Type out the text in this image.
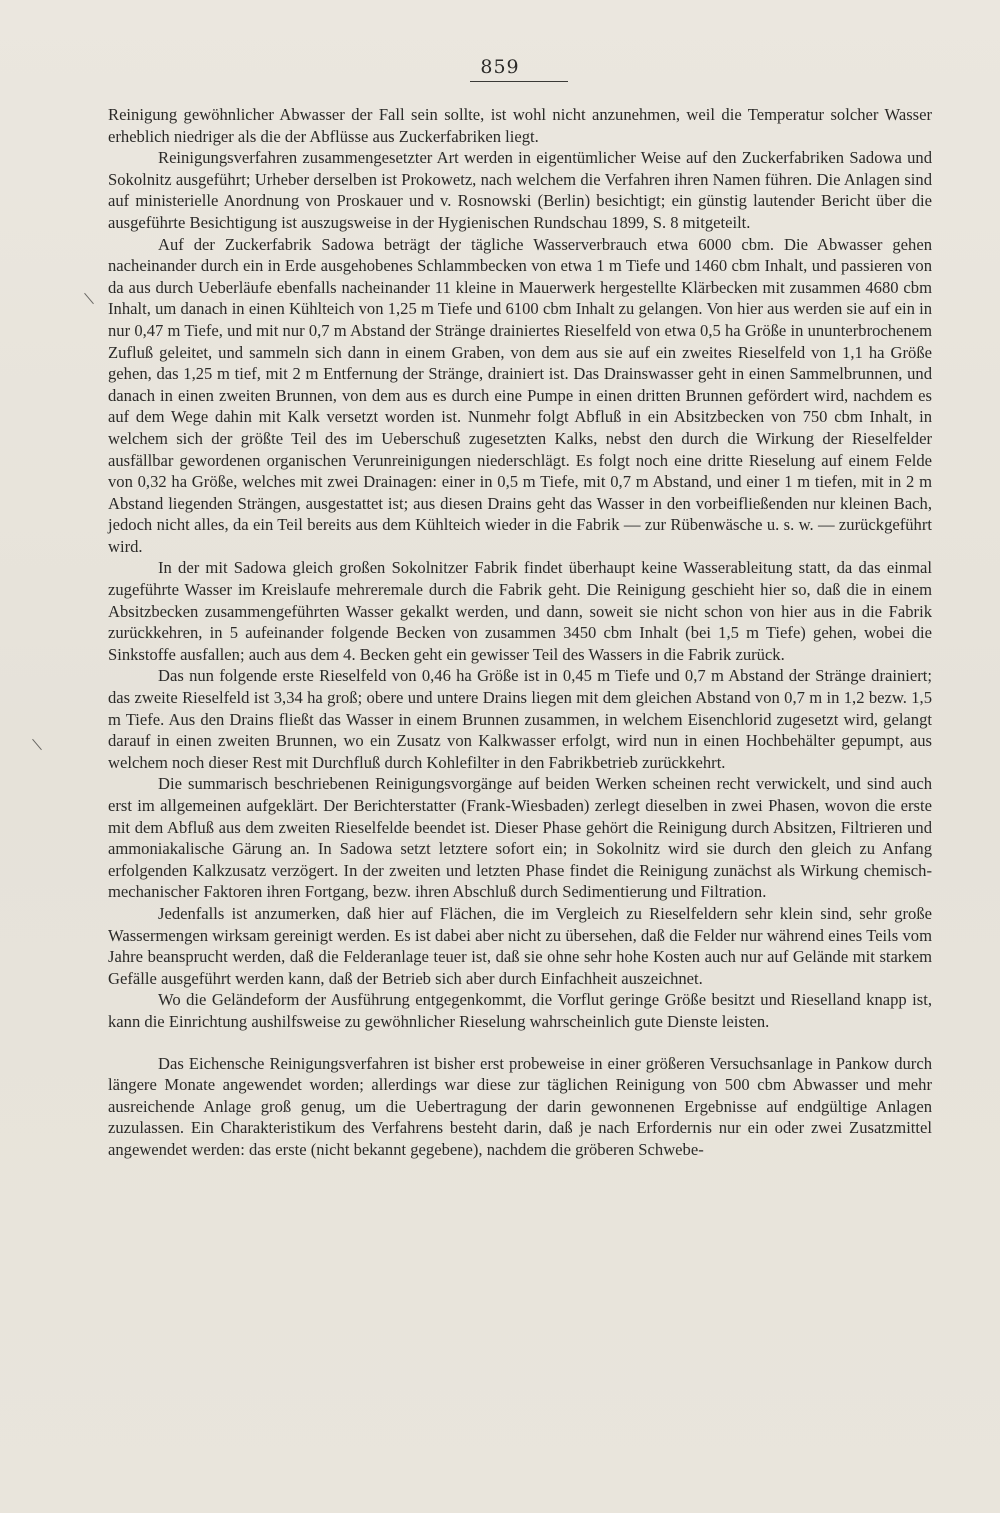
859

Reinigung gewöhnlicher Abwasser der Fall sein sollte, ist wohl nicht anzunehmen, weil die Temperatur solcher Wasser erheblich niedriger als die der Abflüsse aus Zuckerfabriken liegt.

Reinigungsverfahren zusammengesetzter Art werden in eigentümlicher Weise auf den Zuckerfabriken Sadowa und Sokolnitz ausgeführt; Urheber derselben ist Prokowetz, nach welchem die Verfahren ihren Namen führen. Die Anlagen sind auf ministerielle Anordnung von Proskauer und v. Rosnowski (Berlin) besichtigt; ein günstig lautender Bericht über die ausgeführte Besichtigung ist auszugsweise in der Hygienischen Rundschau 1899, S. 8 mitgeteilt.

Auf der Zuckerfabrik Sadowa beträgt der tägliche Wasserverbrauch etwa 6000 cbm. Die Abwasser gehen nacheinander durch ein in Erde ausgehobenes Schlammbecken von etwa 1 m Tiefe und 1460 cbm Inhalt, und passieren von da aus durch Ueberläufe ebenfalls nacheinander 11 kleine in Mauerwerk hergestellte Klärbecken mit zusammen 4680 cbm Inhalt, um danach in einen Kühlteich von 1,25 m Tiefe und 6100 cbm Inhalt zu gelangen. Von hier aus werden sie auf ein in nur 0,47 m Tiefe, und mit nur 0,7 m Abstand der Stränge drainiertes Rieselfeld von etwa 0,5 ha Größe in ununterbrochenem Zufluß geleitet, und sammeln sich dann in einem Graben, von dem aus sie auf ein zweites Rieselfeld von 1,1 ha Größe gehen, das 1,25 m tief, mit 2 m Entfernung der Stränge, drainiert ist. Das Drainswasser geht in einen Sammelbrunnen, und danach in einen zweiten Brunnen, von dem aus es durch eine Pumpe in einen dritten Brunnen gefördert wird, nachdem es auf dem Wege dahin mit Kalk versetzt worden ist. Nunmehr folgt Abfluß in ein Absitzbecken von 750 cbm Inhalt, in welchem sich der größte Teil des im Ueberschuß zugesetzten Kalks, nebst den durch die Wirkung der Rieselfelder ausfällbar gewordenen organischen Verunreinigungen niederschlägt. Es folgt noch eine dritte Rieselung auf einem Felde von 0,32 ha Größe, welches mit zwei Drainagen: einer in 0,5 m Tiefe, mit 0,7 m Abstand, und einer 1 m tiefen, mit in 2 m Abstand liegenden Strängen, ausgestattet ist; aus diesen Drains geht das Wasser in den vorbeifließenden nur kleinen Bach, jedoch nicht alles, da ein Teil bereits aus dem Kühlteich wieder in die Fabrik — zur Rübenwäsche u. s. w. — zurückgeführt wird.

In der mit Sadowa gleich großen Sokolnitzer Fabrik findet überhaupt keine Wasserableitung statt, da das einmal zugeführte Wasser im Kreislaufe mehreremale durch die Fabrik geht. Die Reinigung geschieht hier so, daß die in einem Absitzbecken zusammengeführten Wasser gekalkt werden, und dann, soweit sie nicht schon von hier aus in die Fabrik zurückkehren, in 5 aufeinander folgende Becken von zusammen 3450 cbm Inhalt (bei 1,5 m Tiefe) gehen, wobei die Sinkstoffe ausfallen; auch aus dem 4. Becken geht ein gewisser Teil des Wassers in die Fabrik zurück.

Das nun folgende erste Rieselfeld von 0,46 ha Größe ist in 0,45 m Tiefe und 0,7 m Abstand der Stränge drainiert; das zweite Rieselfeld ist 3,34 ha groß; obere und untere Drains liegen mit dem gleichen Abstand von 0,7 m in 1,2 bezw. 1,5 m Tiefe. Aus den Drains fließt das Wasser in einem Brunnen zusammen, in welchem Eisenchlorid zugesetzt wird, gelangt darauf in einen zweiten Brunnen, wo ein Zusatz von Kalkwasser erfolgt, wird nun in einen Hochbehälter gepumpt, aus welchem noch dieser Rest mit Durchfluß durch Kohlefilter in den Fabrikbetrieb zurückkehrt.

Die summarisch beschriebenen Reinigungsvorgänge auf beiden Werken scheinen recht verwickelt, und sind auch erst im allgemeinen aufgeklärt. Der Berichterstatter (Frank-Wiesbaden) zerlegt dieselben in zwei Phasen, wovon die erste mit dem Abfluß aus dem zweiten Rieselfelde beendet ist. Dieser Phase gehört die Reinigung durch Absitzen, Filtrieren und ammoniakalische Gärung an. In Sadowa setzt letztere sofort ein; in Sokolnitz wird sie durch den gleich zu Anfang erfolgenden Kalkzusatz verzögert. In der zweiten und letzten Phase findet die Reinigung zunächst als Wirkung chemisch-mechanischer Faktoren ihren Fortgang, bezw. ihren Abschluß durch Sedimentierung und Filtration.

Jedenfalls ist anzumerken, daß hier auf Flächen, die im Vergleich zu Rieselfeldern sehr klein sind, sehr große Wassermengen wirksam gereinigt werden. Es ist dabei aber nicht zu übersehen, daß die Felder nur während eines Teils vom Jahre beansprucht werden, daß die Felderanlage teuer ist, daß sie ohne sehr hohe Kosten auch nur auf Gelände mit starkem Gefälle ausgeführt werden kann, daß der Betrieb sich aber durch Einfachheit auszeichnet.

Wo die Geländeform der Ausführung entgegenkommt, die Vorflut geringe Größe besitzt und Rieselland knapp ist, kann die Einrichtung aushilfsweise zu gewöhnlicher Rieselung wahrscheinlich gute Dienste leisten.

Das Eichensche Reinigungsverfahren ist bisher erst probeweise in einer größeren Versuchsanlage in Pankow durch längere Monate angewendet worden; allerdings war diese zur täglichen Reinigung von 500 cbm Abwasser und mehr ausreichende Anlage groß genug, um die Uebertragung der darin gewonnenen Ergebnisse auf endgültige Anlagen zuzulassen. Ein Charakteristikum des Verfahrens besteht darin, daß je nach Erfordernis nur ein oder zwei Zusatzmittel angewendet werden: das erste (nicht bekannt gegebene), nachdem die gröberen Schwebe-
